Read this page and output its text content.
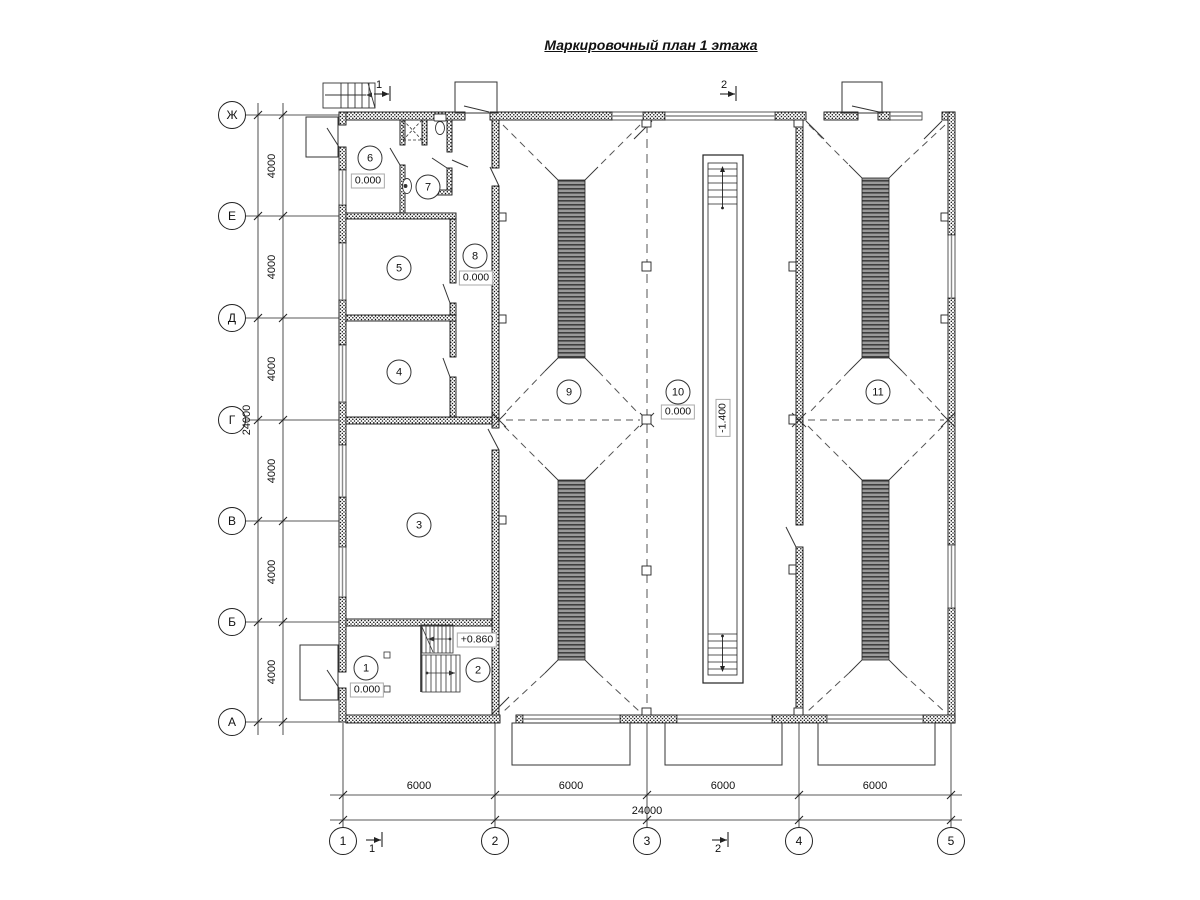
Маркировочный план 1 этажа
Ж
Е
Д
Г
В
Б
А
4000
4000
4000
4000
4000
4000
24000
1	2	3	4	5
6000	6000	6000	6000
24000
1
0.000
2
+0.860
3
4
5
6
0.000
7
8
0.000
9	10
0.000
11
1	2
1	2
-1.400
